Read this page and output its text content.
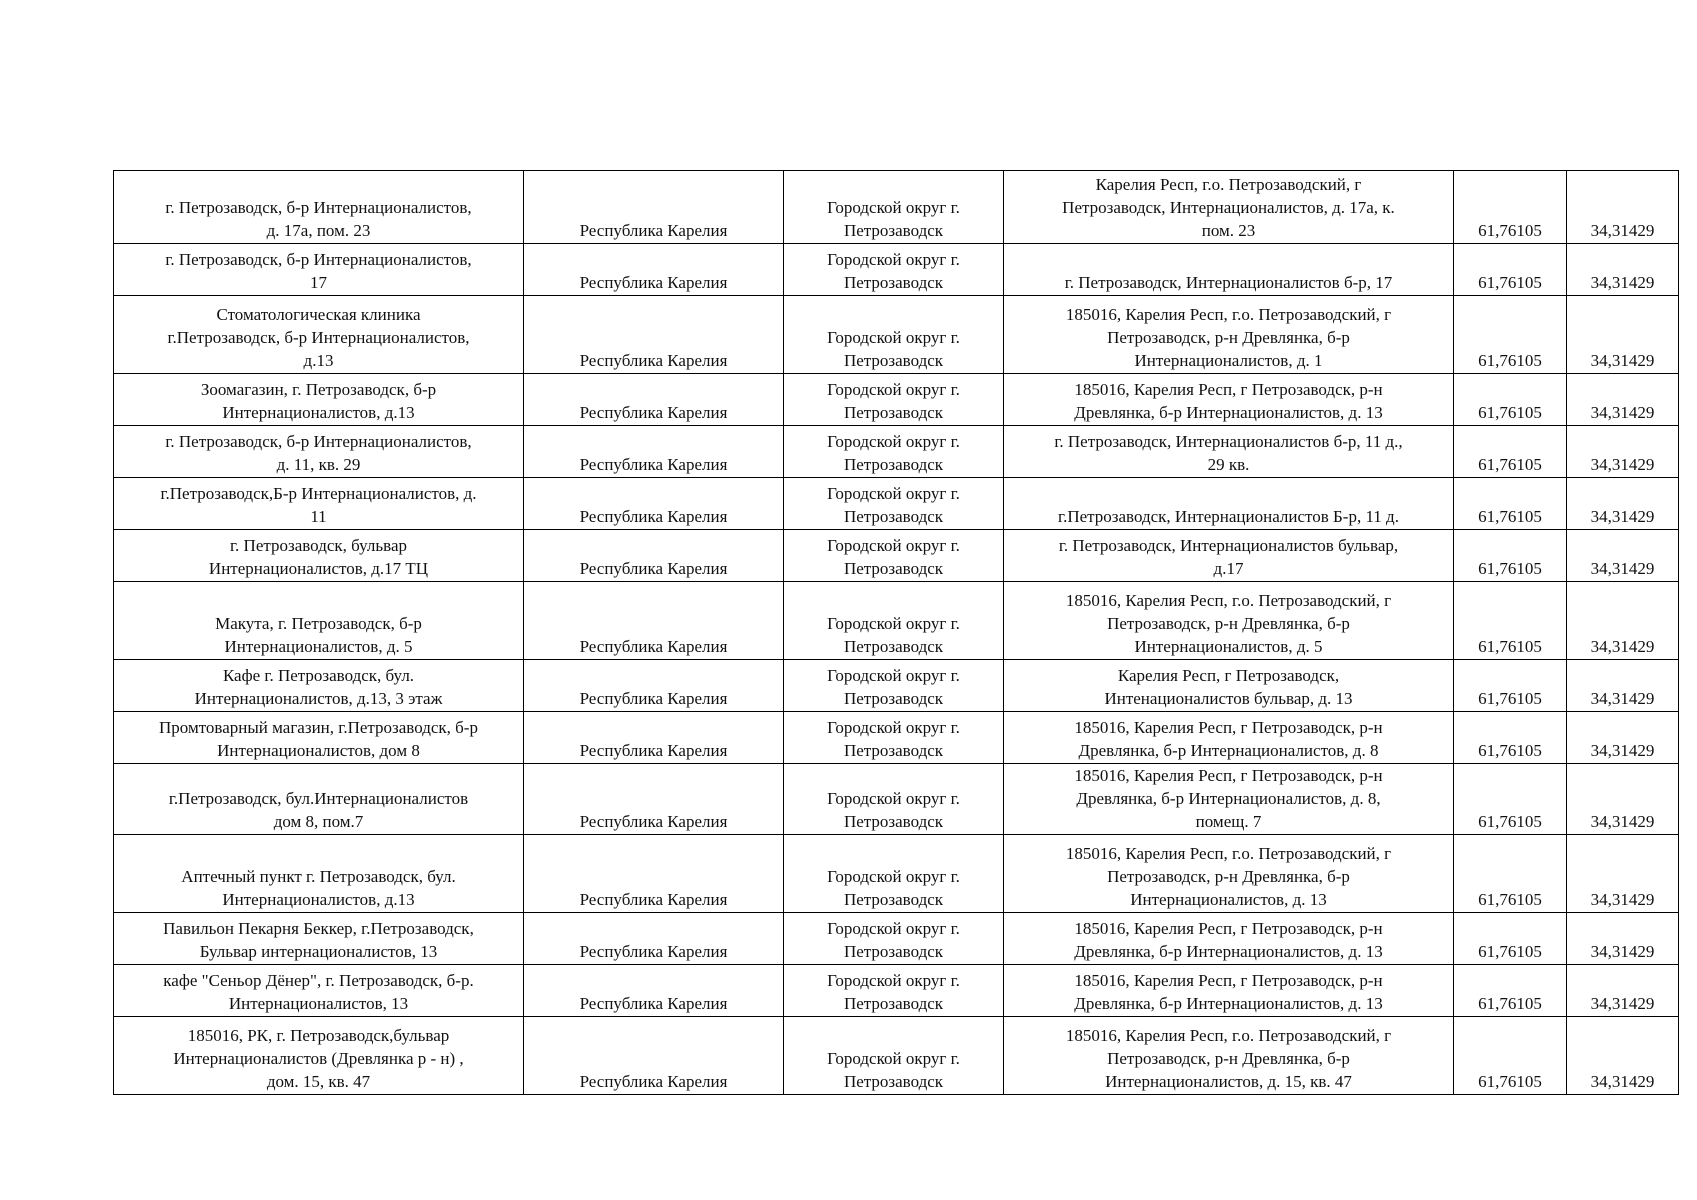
г. Петрозаводск, б-р Интернационалистов,
д. 17а, пом. 23	Республика Карелия	Городской округ г.
Петрозаводск	Карелия Респ, г.о. Петрозаводский, г
Петрозаводск, Интернационалистов, д. 17а, к.
пом. 23	61,76105	34,31429
г. Петрозаводск, б-р Интернационалистов,
17	Республика Карелия	Городской округ г.
Петрозаводск	г. Петрозаводск, Интернационалистов б-р, 17	61,76105	34,31429
Стоматологическая клиника
г.Петрозаводск, б-р Интернационалистов,
д.13	Республика Карелия	Городской округ г.
Петрозаводск	185016, Карелия Респ, г.о. Петрозаводский, г
Петрозаводск, р-н Древлянка, б-р
Интернационалистов, д. 1	61,76105	34,31429
Зоомагазин, г. Петрозаводск, б-р
Интернационалистов, д.13	Республика Карелия	Городской округ г.
Петрозаводск	185016, Карелия Респ, г Петрозаводск, р-н
Древлянка, б-р Интернационалистов, д. 13	61,76105	34,31429
г. Петрозаводск, б-р Интернационалистов,
д. 11, кв. 29	Республика Карелия	Городской округ г.
Петрозаводск	г. Петрозаводск, Интернационалистов б-р, 11 д.,
29 кв.	61,76105	34,31429
г.Петрозаводск,Б-р Интернационалистов, д.
11	Республика Карелия	Городской округ г.
Петрозаводск	г.Петрозаводск, Интернационалистов Б-р, 11 д.	61,76105	34,31429
г. Петрозаводск, бульвар
Интернационалистов, д.17 ТЦ	Республика Карелия	Городской округ г.
Петрозаводск	г. Петрозаводск, Интернационалистов бульвар,
д.17	61,76105	34,31429
Макута, г. Петрозаводск, б-р
Интернационалистов, д. 5	Республика Карелия	Городской округ г.
Петрозаводск	185016, Карелия Респ, г.о. Петрозаводский, г
Петрозаводск, р-н Древлянка, б-р
Интернационалистов, д. 5	61,76105	34,31429
Кафе г. Петрозаводск, бул.
Интернационалистов, д.13, 3 этаж	Республика Карелия	Городской округ г.
Петрозаводск	Карелия Респ, г Петрозаводск,
Интенационалистов бульвар, д. 13	61,76105	34,31429
Промтоварный магазин, г.Петрозаводск, б-р
Интернационалистов, дом 8	Республика Карелия	Городской округ г.
Петрозаводск	185016, Карелия Респ, г Петрозаводск, р-н
Древлянка, б-р Интернационалистов, д. 8	61,76105	34,31429
г.Петрозаводск, бул.Интернационалистов
дом 8, пом.7	Республика Карелия	Городской округ г.
Петрозаводск	185016, Карелия Респ, г Петрозаводск, р-н
Древлянка, б-р Интернационалистов, д. 8,
помещ. 7	61,76105	34,31429
Аптечный пункт г. Петрозаводск, бул.
Интернационалистов, д.13	Республика Карелия	Городской округ г.
Петрозаводск	185016, Карелия Респ, г.о. Петрозаводский, г
Петрозаводск, р-н Древлянка, б-р
Интернационалистов, д. 13	61,76105	34,31429
Павильон Пекарня Беккер, г.Петрозаводск,
Бульвар интернационалистов, 13	Республика Карелия	Городской округ г.
Петрозаводск	185016, Карелия Респ, г Петрозаводск, р-н
Древлянка, б-р Интернационалистов, д. 13	61,76105	34,31429
кафе "Сеньор Дёнер", г. Петрозаводск, б-р.
Интернационалистов, 13	Республика Карелия	Городской округ г.
Петрозаводск	185016, Карелия Респ, г Петрозаводск, р-н
Древлянка, б-р Интернационалистов, д. 13	61,76105	34,31429
185016, РК, г. Петрозаводск,бульвар
Интернационалистов (Древлянка р - н) ,
дом. 15, кв. 47	Республика Карелия	Городской округ г.
Петрозаводск	185016, Карелия Респ, г.о. Петрозаводский, г
Петрозаводск, р-н Древлянка, б-р
Интернационалистов, д. 15, кв. 47	61,76105	34,31429
